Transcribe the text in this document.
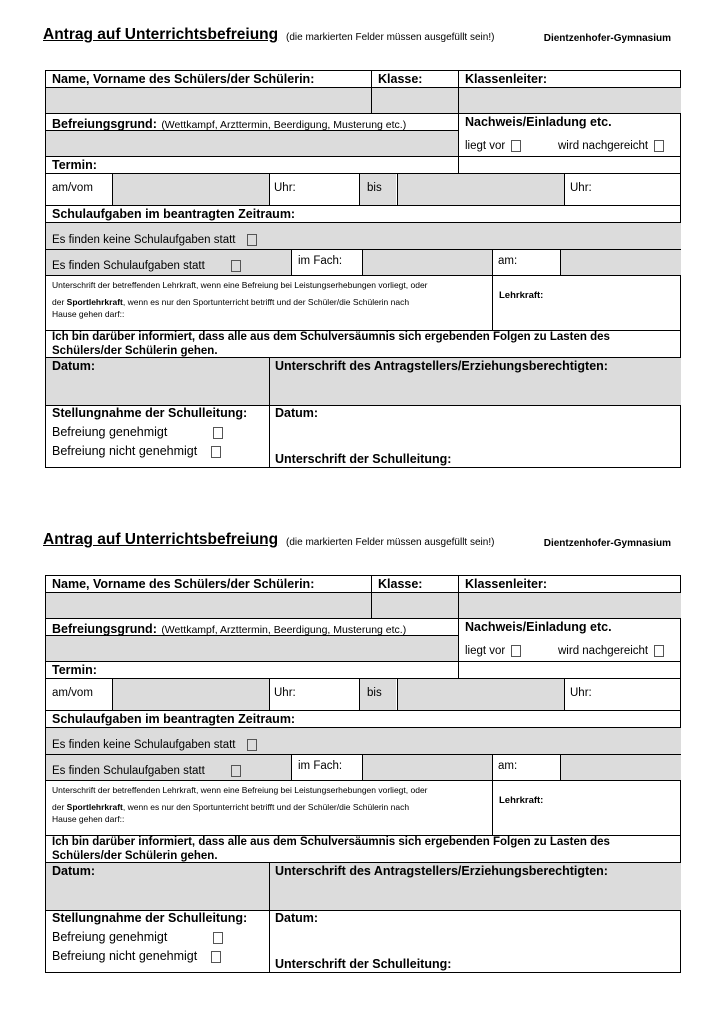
Antrag auf Unterrichtsbefreiung (die markierten Felder müssen ausgefüllt sein!)	Dientzenhofer-Gymnasium
Name, Vorname des Schülers/der Schülerin:	Klasse:	Klassenleiter:
Befreiungsgrund: (Wettkampf, Arzttermin, Beerdigung, Musterung etc.)	Nachweis/Einladung etc.
liegt vor	wird nachgereicht
Termin:
am/vom	Uhr:	bis	Uhr:
Schulaufgaben im beantragten Zeitraum:
Es finden keine Schulaufgaben statt
Es finden Schulaufgaben statt	im Fach:	am:
Unterschrift der betreffenden Lehrkraft, wenn eine Befreiung bei Leistungserhebungen vorliegt, oder
der Sportlehrkraft, wenn es nur den Sportunterricht betrifft und der Schüler/die Schülerin nach
Hause gehen darf::
Lehrkraft:
Ich bin darüber informiert, dass alle aus dem Schulversäumnis sich ergebenden Folgen zu Lasten des Schülers/der Schülerin gehen.
Datum:	Unterschrift des Antragstellers/Erziehungsberechtigten:
Stellungnahme der Schulleitung:
Befreiung genehmigt
Befreiung nicht genehmigt
Datum:
Unterschrift der Schulleitung:
Antrag auf Unterrichtsbefreiung (die markierten Felder müssen ausgefüllt sein!)	Dientzenhofer-Gymnasium
Name, Vorname des Schülers/der Schülerin:	Klasse:	Klassenleiter:
Befreiungsgrund: (Wettkampf, Arzttermin, Beerdigung, Musterung etc.)	Nachweis/Einladung etc.
liegt vor	wird nachgereicht
Termin:
am/vom	Uhr:	bis	Uhr:
Schulaufgaben im beantragten Zeitraum:
Es finden keine Schulaufgaben statt
Es finden Schulaufgaben statt	im Fach:	am:
Unterschrift der betreffenden Lehrkraft, wenn eine Befreiung bei Leistungserhebungen vorliegt, oder
der Sportlehrkraft, wenn es nur den Sportunterricht betrifft und der Schüler/die Schülerin nach
Hause gehen darf::
Lehrkraft:
Ich bin darüber informiert, dass alle aus dem Schulversäumnis sich ergebenden Folgen zu Lasten des Schülers/der Schülerin gehen.
Datum:	Unterschrift des Antragstellers/Erziehungsberechtigten:
Stellungnahme der Schulleitung:
Befreiung genehmigt
Befreiung nicht genehmigt
Datum:
Unterschrift der Schulleitung:
